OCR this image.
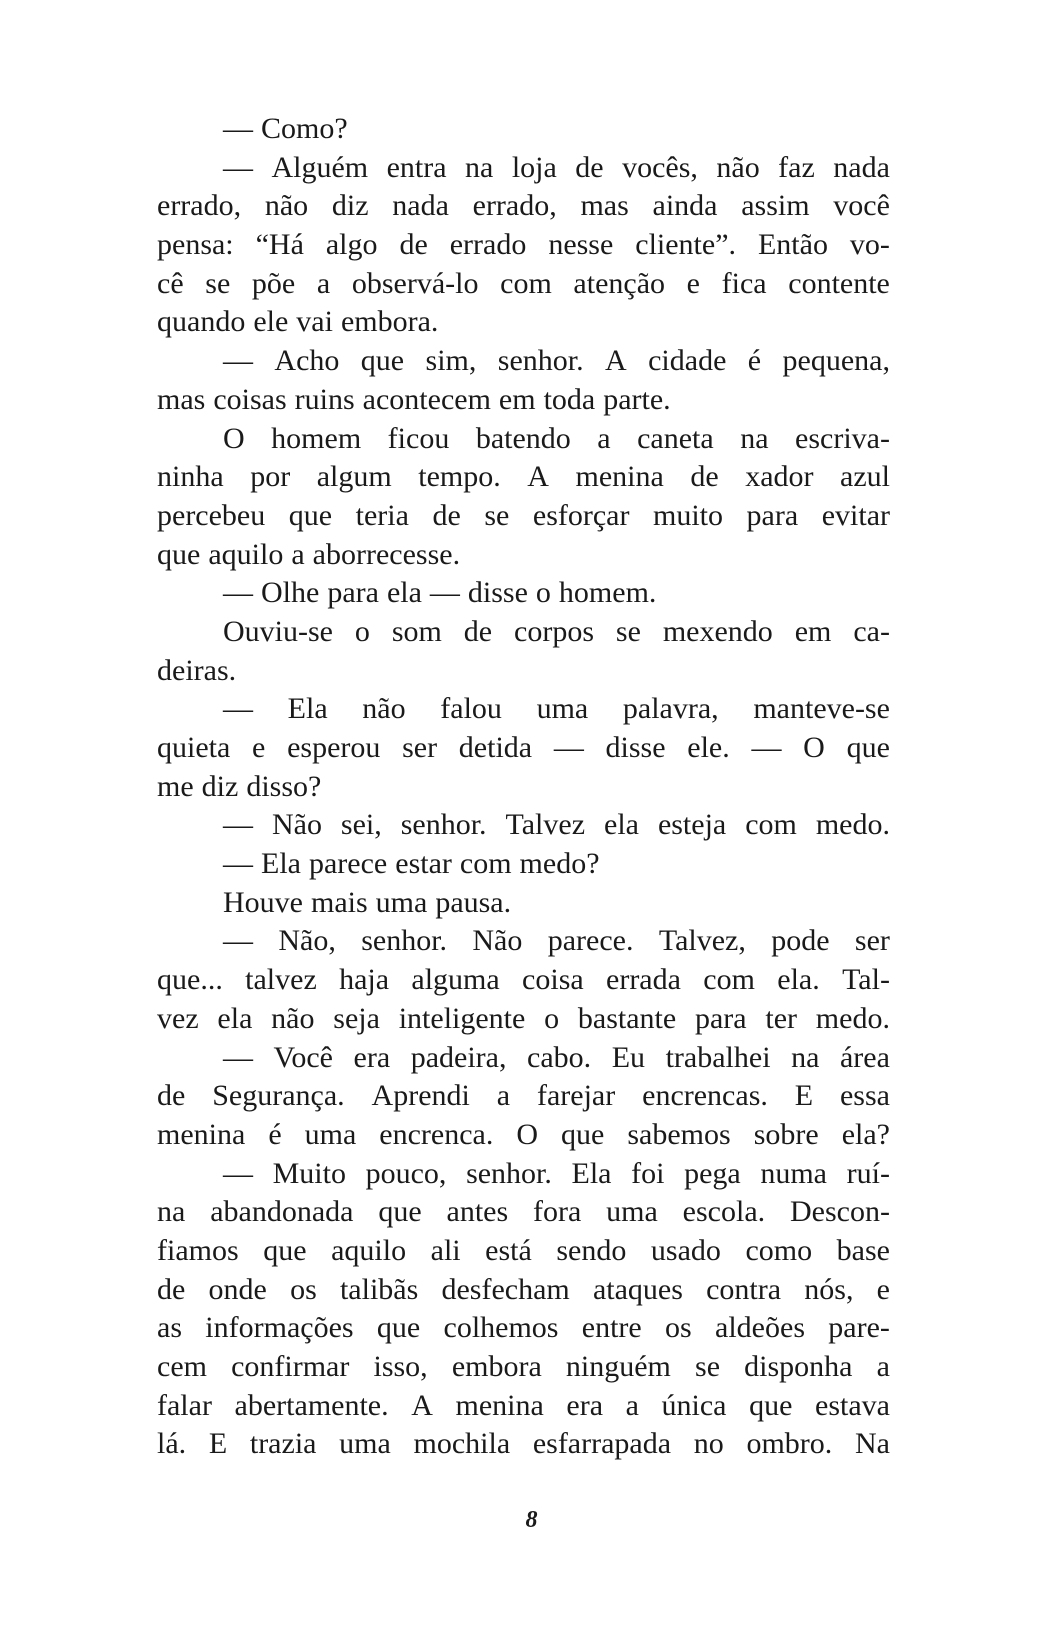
— Como?
— Alguém entra na loja de vocês, não faz nada
errado, não diz nada errado, mas ainda assim você
pensa: “Há algo de errado nesse cliente”. Então vo-
cê se põe a observá-lo com atenção e fica contente
quando ele vai embora.
— Acho que sim, senhor. A cidade é pequena,
mas coisas ruins acontecem em toda parte.
O homem ficou batendo a caneta na escriva-
ninha por algum tempo. A menina de xador azul
percebeu que teria de se esforçar muito para evitar
que aquilo a aborrecesse.
— Olhe para ela — disse o homem.
Ouviu-se o som de corpos se mexendo em ca-
deiras.
— Ela não falou uma palavra, manteve-se
quieta e esperou ser detida — disse ele. — O que
me diz disso?
— Não sei, senhor. Talvez ela esteja com medo.
— Ela parece estar com medo?
Houve mais uma pausa.
— Não, senhor. Não parece. Talvez, pode ser
que... talvez haja alguma coisa errada com ela. Tal-
vez ela não seja inteligente o bastante para ter medo.
— Você era padeira, cabo. Eu trabalhei na área
de Segurança. Aprendi a farejar encrencas. E essa
menina é uma encrenca. O que sabemos sobre ela?
— Muito pouco, senhor. Ela foi pega numa ruí-
na abandonada que antes fora uma escola. Descon-
fiamos que aquilo ali está sendo usado como base
de onde os talibãs desfecham ataques contra nós, e
as informações que colhemos entre os aldeões pare-
cem confirmar isso, embora ninguém se disponha a
falar abertamente. A menina era a única que estava
lá. E trazia uma mochila esfarrapada no ombro. Na
8
